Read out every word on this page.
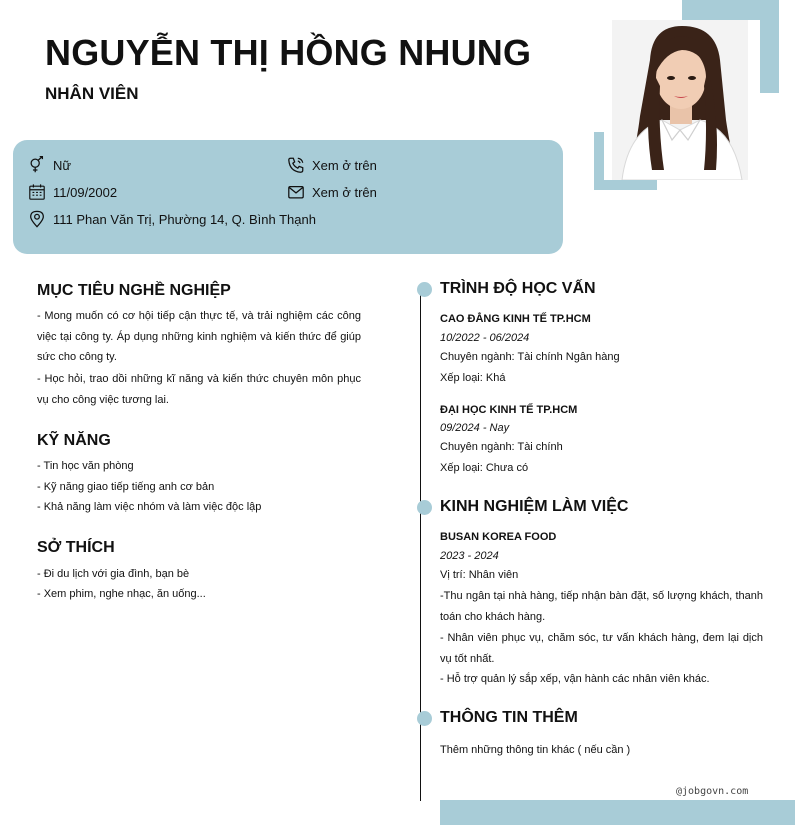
NGUYỄN THỊ HỒNG NHUNG
NHÂN VIÊN
Nữ	Xem ở trên
11/09/2002	Xem ở trên
111 Phan Văn Trị, Phường 14, Q. Bình Thạnh
MỤC TIÊU NGHỀ NGHIỆP
- Mong muốn có cơ hội tiếp cận thực tế, và trải nghiệm các công việc tại công ty. Áp dụng những kinh nghiệm và kiến thức để giúp sức cho công ty.
- Học hỏi, trao dồi những kĩ năng và kiến thức chuyên môn phục vụ cho công việc tương lai.
KỸ NĂNG
- Tin học văn phòng
- Kỹ năng giao tiếp tiếng anh cơ bản
- Khả năng làm việc nhóm và làm việc độc lập
SỞ THÍCH
- Đi du lịch với gia đình, bạn bè
- Xem phim, nghe nhạc, ăn uống...
TRÌNH ĐỘ HỌC VẤN
CAO ĐẲNG KINH TẾ TP.HCM
10/2022 - 06/2024
Chuyên ngành: Tài chính Ngân hàng
Xếp loại: Khá
ĐẠI HỌC KINH TẾ TP.HCM
09/2024 - Nay
Chuyên ngành: Tài chính
Xếp loại: Chưa có
KINH NGHIỆM LÀM VIỆC
BUSAN KOREA FOOD
2023 - 2024
Vị trí: Nhân viên
-Thu ngân tại nhà hàng, tiếp nhận bàn đặt, số lượng khách, thanh toán cho khách hàng.
- Nhân viên phục vụ, chăm sóc, tư vấn khách hàng, đem lại dịch vụ tốt nhất.
- Hỗ trợ quản lý sắp xếp, vận hành các nhân viên khác.
THÔNG TIN THÊM
Thêm những thông tin khác ( nếu cần )
@jobgovn.com
